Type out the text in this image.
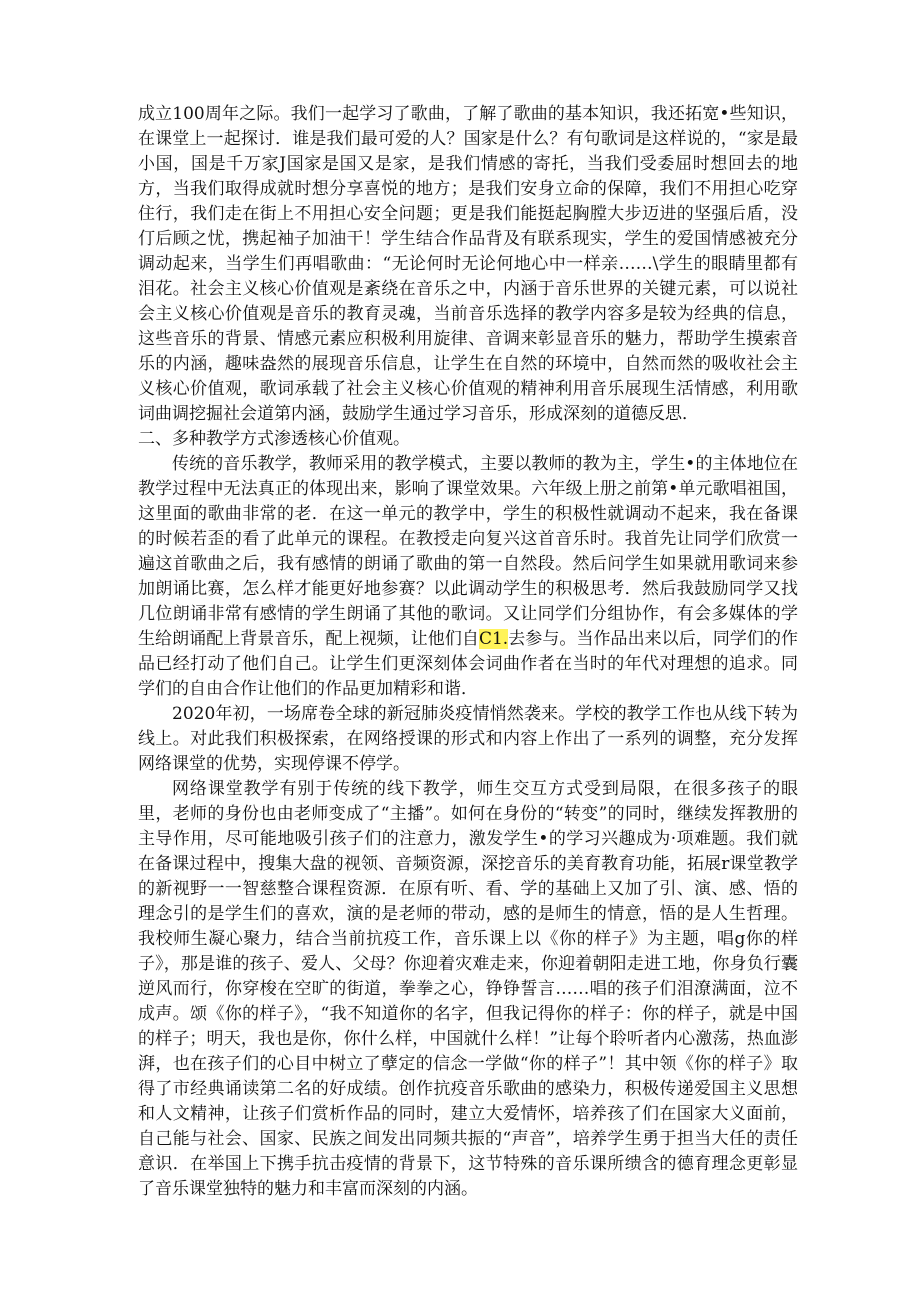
成立100周年之际。我们一起学习了歌曲，了解了歌曲的基本知识，我还拓宽•些知识，在课堂上一起探讨．谁是我们最可爱的人？国家是什么？有句歌词是这样说的，“家是最小国，国是千万家J国家是国又是家，是我们情感的寄托，当我们受委屈时想回去的地方，当我们取得成就时想分享喜悦的地方；是我们安身立命的保障，我们不用担心吃穿住行，我们走在街上不用担心安全问题；更是我们能挺起胸膛大步迈进的坚强后盾，没仃后顾之忧，携起袖子加油干！学生结合作品背及有联系现实，学生的爱国情感被充分调动起来，当学生们再唱歌曲：“无论何时无论何地心中一样亲……\学生的眼睛里都有泪花。社会主义核心价值观是紊绕在音乐之中，内涵于音乐世界的关键元素，可以说社会主义核心价值观是音乐的教育灵魂，当前音乐选择的教学内容多是较为经典的信息，这些音乐的背景、情感元素应积极利用旋律、音调来彰显音乐的魅力，帮助学生摸索音乐的内涵，趣味盎然的展现音乐信息，让学生在自然的环境中，自然而然的吸收社会主义核心价值观，歌词承载了社会主义核心价值观的精神利用音乐展现生活情感，利用歌词曲调挖掘社会道第内涵，鼓励学生通过学习音乐，形成深刻的道德反思．

二、多种教学方式渗透核心价值观。

传统的音乐教学，教师采用的教学模式，主要以教师的教为主，学生•的主体地位在教学过程中无法真正的体现出来，影响了课堂效果。六年级上册之前第•单元歌唱祖国，这里面的歌曲非常的老．在这一单元的教学中，学生的积极性就调动不起来，我在备课的时候若歪的看了此单元的课程。在教授走向复兴这首音乐时。我首先让同学们欣赏一遍这首歌曲之后，我有感情的朗诵了歌曲的第一自然段。然后问学生如果就用歌词来参加朗诵比赛，怎么样才能更好地参赛？以此调动学生的积极思考．然后我鼓励同学又找几位朗诵非常有感情的学生朗诵了其他的歌词。又让同学们分组协作，有会多媒体的学生给朗诵配上背景音乐，配上视频，让他们自C1.去参与。当作品出来以后，同学们的作品已经打动了他们自己。让学生们更深刻体会词曲作者在当时的年代对理想的追求。同学们的自由合作让他们的作品更加精彩和谐．

2020年初，一场席卷全球的新冠肺炎疫情悄然袭来。学校的教学工作也从线下转为线上。对此我们积极探索，在网络授课的形式和内容上作出了一系列的调整，充分发挥网络课堂的优势，实现停课不停学。

网络课堂教学有别于传统的线下教学，师生交互方式受到局限，在很多孩子的眼里，老师的身份也由老师变成了“主播”。如何在身份的“转变”的同时，继续发挥教册的主导作用，尽可能地吸引孩子们的注意力，激发学生•的学习兴趣成为·项难题。我们就在备课过程中，搜集大盘的视领、音频资源，深挖音乐的美育教育功能，拓展r课堂教学的新视野一一智慈整合课程资源．在原有听、看、学的基础上又加了引、演、感、悟的理念引的是学生们的喜欢，演的是老师的带动，感的是师生的情意，悟的是人生哲理。我校师生凝心聚力，结合当前抗疫工作，音乐课上以《你的样子》为主题，唱g你的样子》，那是谁的孩子、爱人、父母？你迎着灾难走来，你迎着朝阳走进工地，你身负行囊逆风而行，你穿梭在空旷的街道，拳拳之心，铮铮誓言……唱的孩子们泪潦满面，泣不成声。颂《你的样子》，“我不知道你的名字，但我记得你的样子：你的样子，就是中国的样子；明天，我也是你，你什么样，中国就什么样！”让每个聆听者内心激荡，热血澎湃，也在孩子们的心目中树立了孽定的信念一学做“你的样子”！其中领《你的样子》取得了市经典诵读第二名的好成绩。创作抗疫音乐歌曲的感染力，积极传递爱国主义思想和人文精神，让孩子们赏析作品的同时，建立大爱情怀，培养孩了们在国家大义面前，自己能与社会、国家、民族之间发出同频共振的“声音”，培养学生勇于担当大任的责任意识．在举国上下携手抗击疫情的背景下，这节特殊的音乐课所缋含的德育理念更彰显了音乐课堂独特的魅力和丰富而深刻的内涵。
